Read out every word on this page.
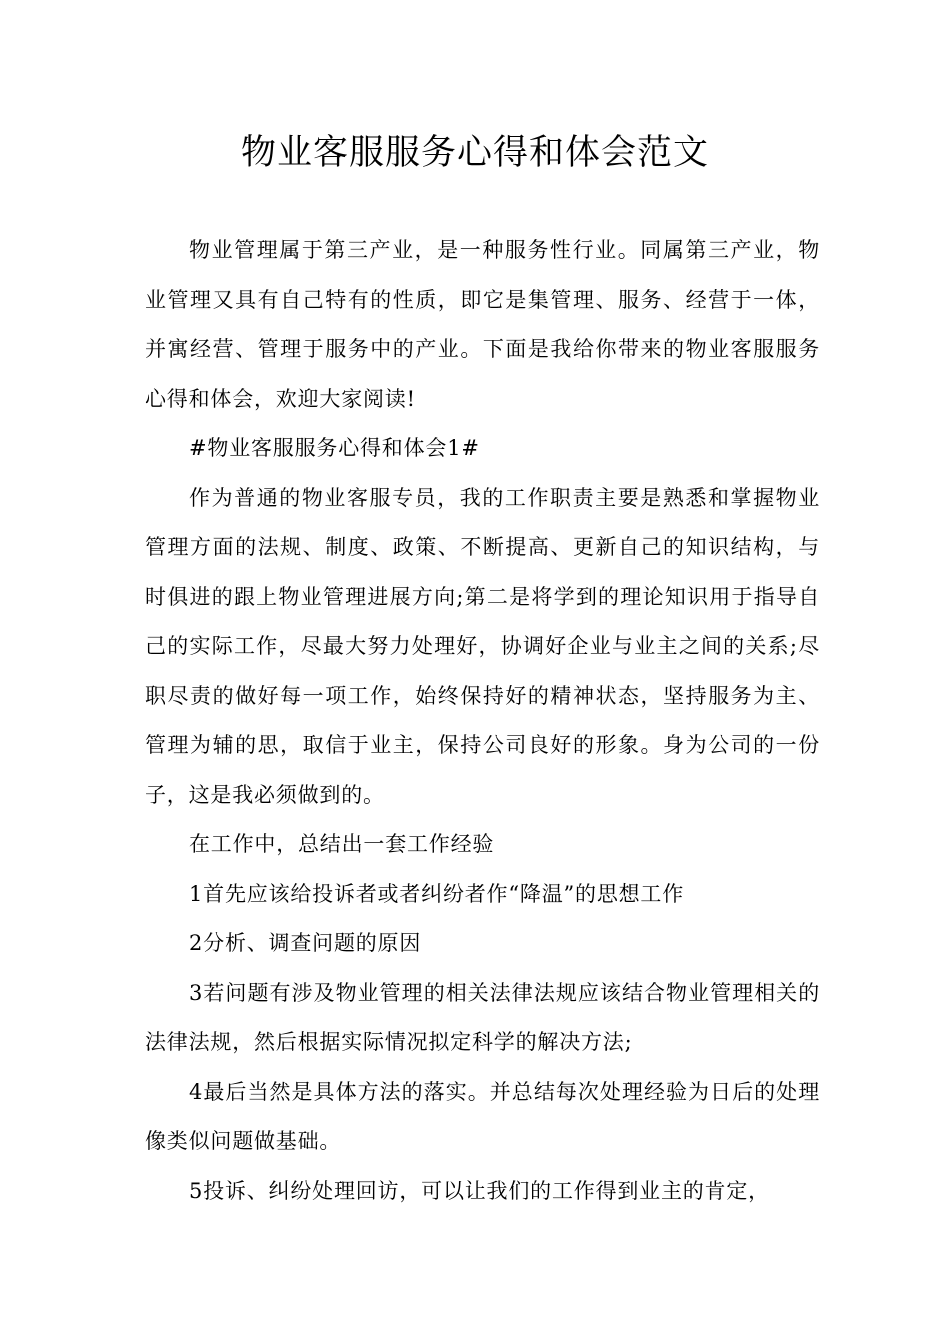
物业客服服务心得和体会范文

物业管理属于第三产业，是一种服务性行业。同属第三产业，物业管理又具有自己特有的性质，即它是集管理、服务、经营于一体，并寓经营、管理于服务中的产业。下面是我给你带来的物业客服服务心得和体会，欢迎大家阅读!

#物业客服服务心得和体会1#

作为普通的物业客服专员，我的工作职责主要是熟悉和掌握物业管理方面的法规、制度、政策、不断提高、更新自己的知识结构，与时俱进的跟上物业管理进展方向;第二是将学到的理论知识用于指导自己的实际工作，尽最大努力处理好，协调好企业与业主之间的关系;尽职尽责的做好每一项工作，始终保持好的精神状态，坚持服务为主、管理为辅的思，取信于业主，保持公司良好的形象。身为公司的一份子，这是我必须做到的。

在工作中，总结出一套工作经验

1首先应该给投诉者或者纠纷者作“降温”的思想工作

2分析、调查问题的原因

3若问题有涉及物业管理的相关法律法规应该结合物业管理相关的法律法规，然后根据实际情况拟定科学的解决方法;

4最后当然是具体方法的落实。并总结每次处理经验为日后的处理像类似问题做基础。

5投诉、纠纷处理回访，可以让我们的工作得到业主的肯定，
